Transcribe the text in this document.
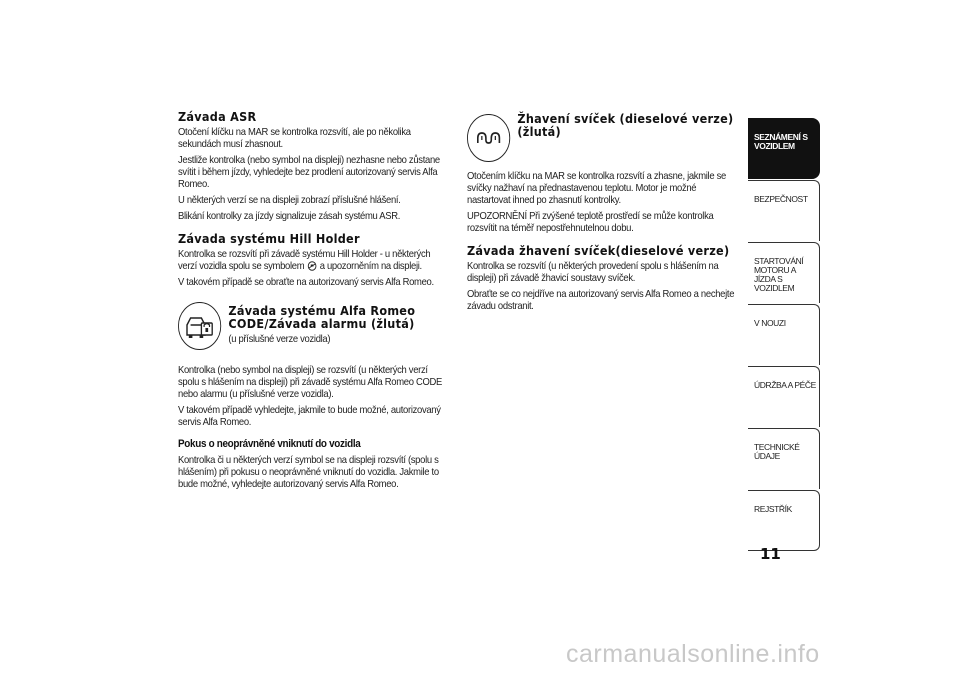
Závada ASR

Otočení klíčku na MAR se kontrolka rozsvítí, ale po několika sekundách musí zhasnout.

Jestliže kontrolka (nebo symbol na displeji) nezhasne nebo zůstane svítit i během jízdy, vyhledejte bez prodlení autorizovaný servis Alfa Romeo.

U některých verzí se na displeji zobrazí příslušné hlášení.

Blikání kontrolky za jízdy signalizuje zásah systému ASR.

Závada systému Hill Holder

Kontrolka se rozsvítí při závadě systému Hill Holder - u některých verzí vozidla spolu se symbolem a upozorněním na displeji.

V takovém případě se obraťte na autorizovaný servis Alfa Romeo.

Závada systému Alfa Romeo CODE/Závada alarmu (žlutá)

(u příslušné verze vozidla)

Kontrolka (nebo symbol na displeji) se rozsvítí (u některých verzí spolu s hlášením na displeji) při závadě systému Alfa Romeo CODE nebo alarmu (u příslušné verze vozidla).

V takovém případě vyhledejte, jakmile to bude možné, autorizovaný servis Alfa Romeo.

Pokus o neoprávněné vniknutí do vozidla

Kontrolka či u některých verzí symbol se na displeji rozsvítí (spolu s hlášením) při pokusu o neoprávněné vniknutí do vozidla. Jakmile to bude možné, vyhledejte autorizovaný servis Alfa Romeo.

Žhavení svíček (dieselové verze) (žlutá)

Otočením klíčku na MAR se kontrolka rozsvítí a zhasne, jakmile se svíčky nažhaví na přednastavenou teplotu. Motor je možné nastartovat ihned po zhasnutí kontrolky.

UPOZORNĚNÍ Při zvýšené teplotě prostředí se může kontrolka rozsvítit na téměř nepostřehnutelnou dobu.

Závada žhavení svíček(dieselové verze)

Kontrolka se rozsvítí (u některých provedení spolu s hlášením na displeji) při závadě žhavicí soustavy svíček.

Obraťte se co nejdříve na autorizovaný servis Alfa Romeo a nechejte závadu odstranit.

SEZNÁMENÍ S VOZIDLEM
BEZPEČNOST
STARTOVÁNÍ MOTORU A JÍZDA S VOZIDLEM
V NOUZI
ÚDRŽBA A PÉČE
TECHNICKÉ ÚDAJE
REJSTŘÍK
11
carmanualsonline.info
